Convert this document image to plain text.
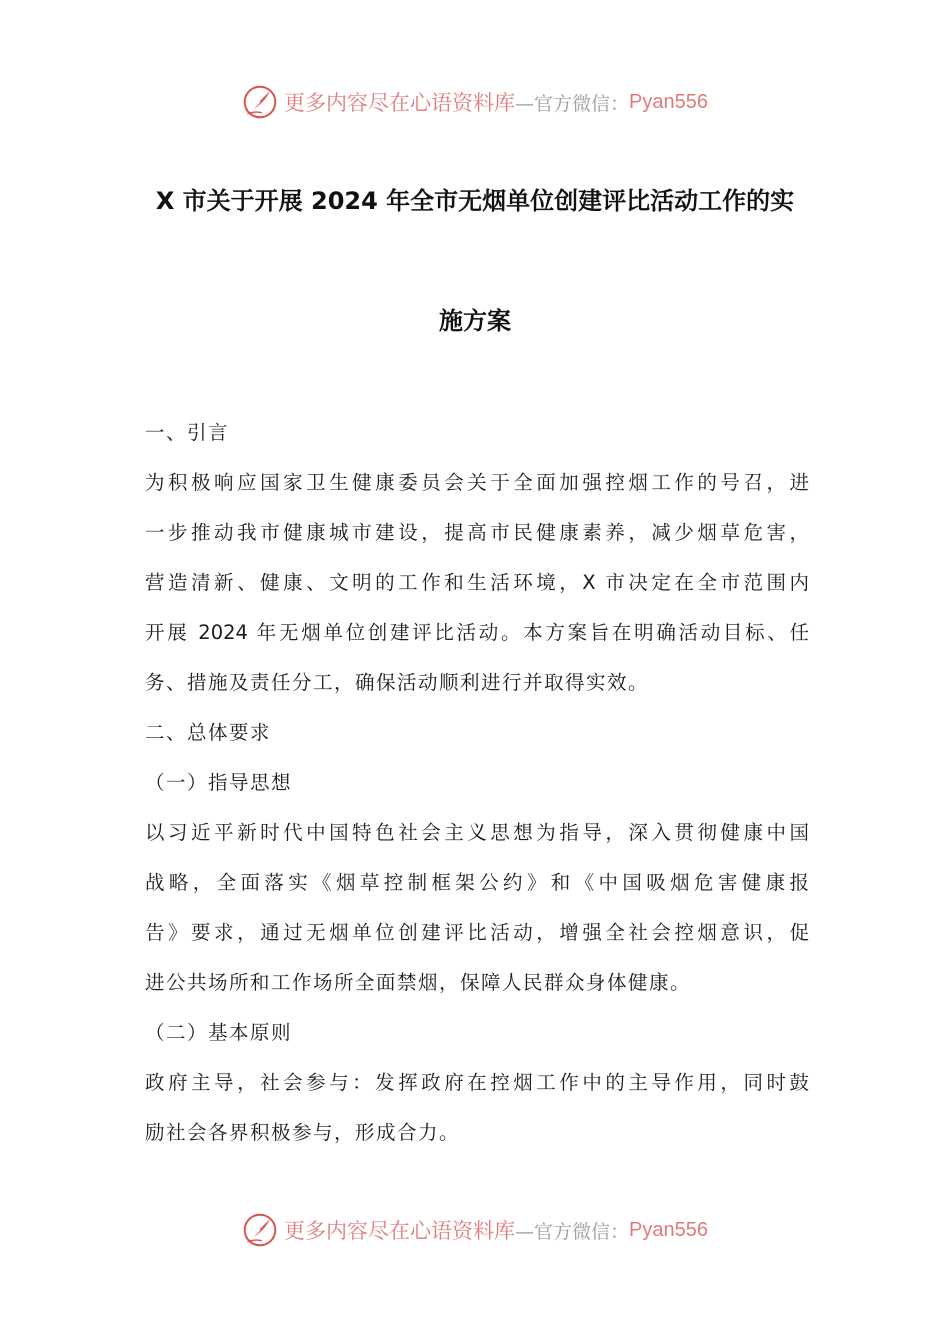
更多内容尽在心语资料库 —官方微信： Pyan556
X 市关于开展 2024 年全市无烟单位创建评比活动工作的实
施方案
一、引言
为积极响应国家卫生健康委员会关于全面加强控烟工作的号召，进
一步推动我市健康城市建设，提高市民健康素养，减少烟草危害，
营造清新、健康、文明的工作和生活环境，X 市决定在全市范围内
开展 2024 年无烟单位创建评比活动。本方案旨在明确活动目标、任
务、措施及责任分工，确保活动顺利进行并取得实效。
二、总体要求
（一）指导思想
以习近平新时代中国特色社会主义思想为指导，深入贯彻健康中国
战略，全面落实《烟草控制框架公约》和《中国吸烟危害健康报
告》要求，通过无烟单位创建评比活动，增强全社会控烟意识，促
进公共场所和工作场所全面禁烟，保障人民群众身体健康。
（二）基本原则
政府主导，社会参与：发挥政府在控烟工作中的主导作用，同时鼓
励社会各界积极参与，形成合力。
更多内容尽在心语资料库 —官方微信： Pyan556
